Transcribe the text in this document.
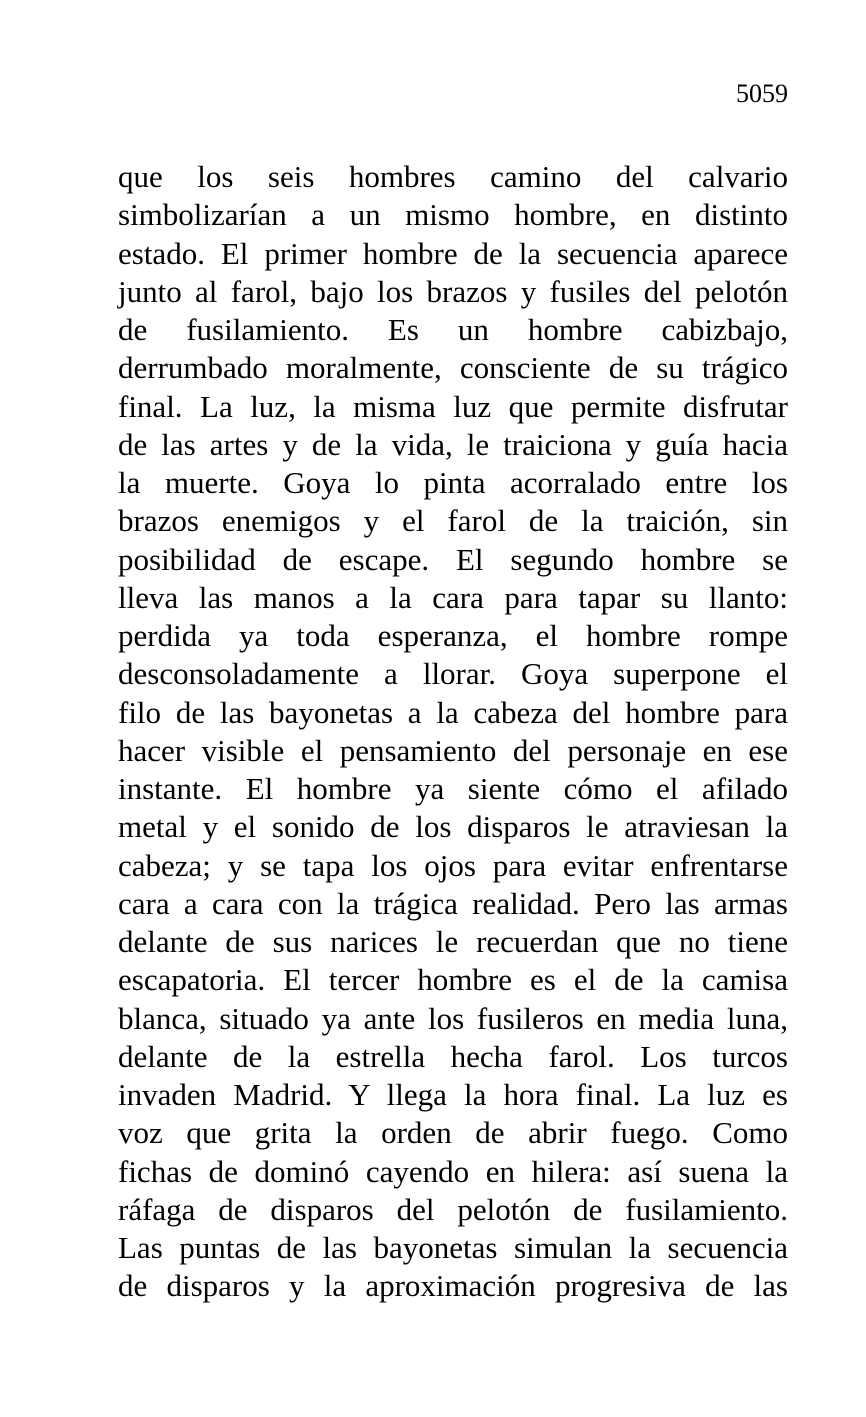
5059
que los seis hombres camino del calvario
simbolizarían a un mismo hombre, en distinto
estado. El primer hombre de la secuencia aparece
junto al farol, bajo los brazos y fusiles del pelotón
de fusilamiento. Es un hombre cabizbajo,
derrumbado moralmente, consciente de su trágico
final. La luz, la misma luz que permite disfrutar
de las artes y de la vida, le traiciona y guía hacia
la muerte. Goya lo pinta acorralado entre los
brazos enemigos y el farol de la traición, sin
posibilidad de escape. El segundo hombre se
lleva las manos a la cara para tapar su llanto:
perdida ya toda esperanza, el hombre rompe
desconsoladamente a llorar. Goya superpone el
filo de las bayonetas a la cabeza del hombre para
hacer visible el pensamiento del personaje en ese
instante. El hombre ya siente cómo el afilado
metal y el sonido de los disparos le atraviesan la
cabeza; y se tapa los ojos para evitar enfrentarse
cara a cara con la trágica realidad. Pero las armas
delante de sus narices le recuerdan que no tiene
escapatoria. El tercer hombre es el de la camisa
blanca, situado ya ante los fusileros en media luna,
delante de la estrella hecha farol. Los turcos
invaden Madrid. Y llega la hora final. La luz es
voz que grita la orden de abrir fuego. Como
fichas de dominó cayendo en hilera: así suena la
ráfaga de disparos del pelotón de fusilamiento.
Las puntas de las bayonetas simulan la secuencia
de disparos y la aproximación progresiva de las
